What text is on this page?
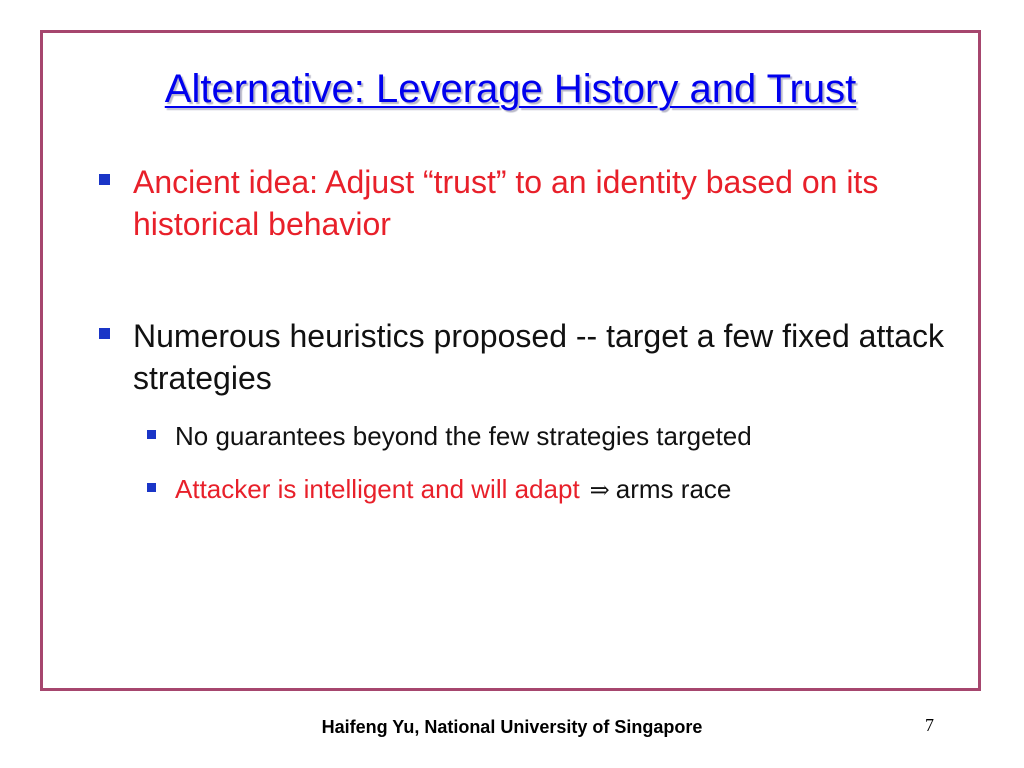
Alternative: Leverage History and Trust
Ancient idea: Adjust “trust” to an identity based on its historical behavior
Numerous heuristics proposed -- target a few fixed attack strategies
No guarantees beyond the few strategies targeted
Attacker is intelligent and will adapt ⇒ arms race
Haifeng Yu, National University of Singapore	7
